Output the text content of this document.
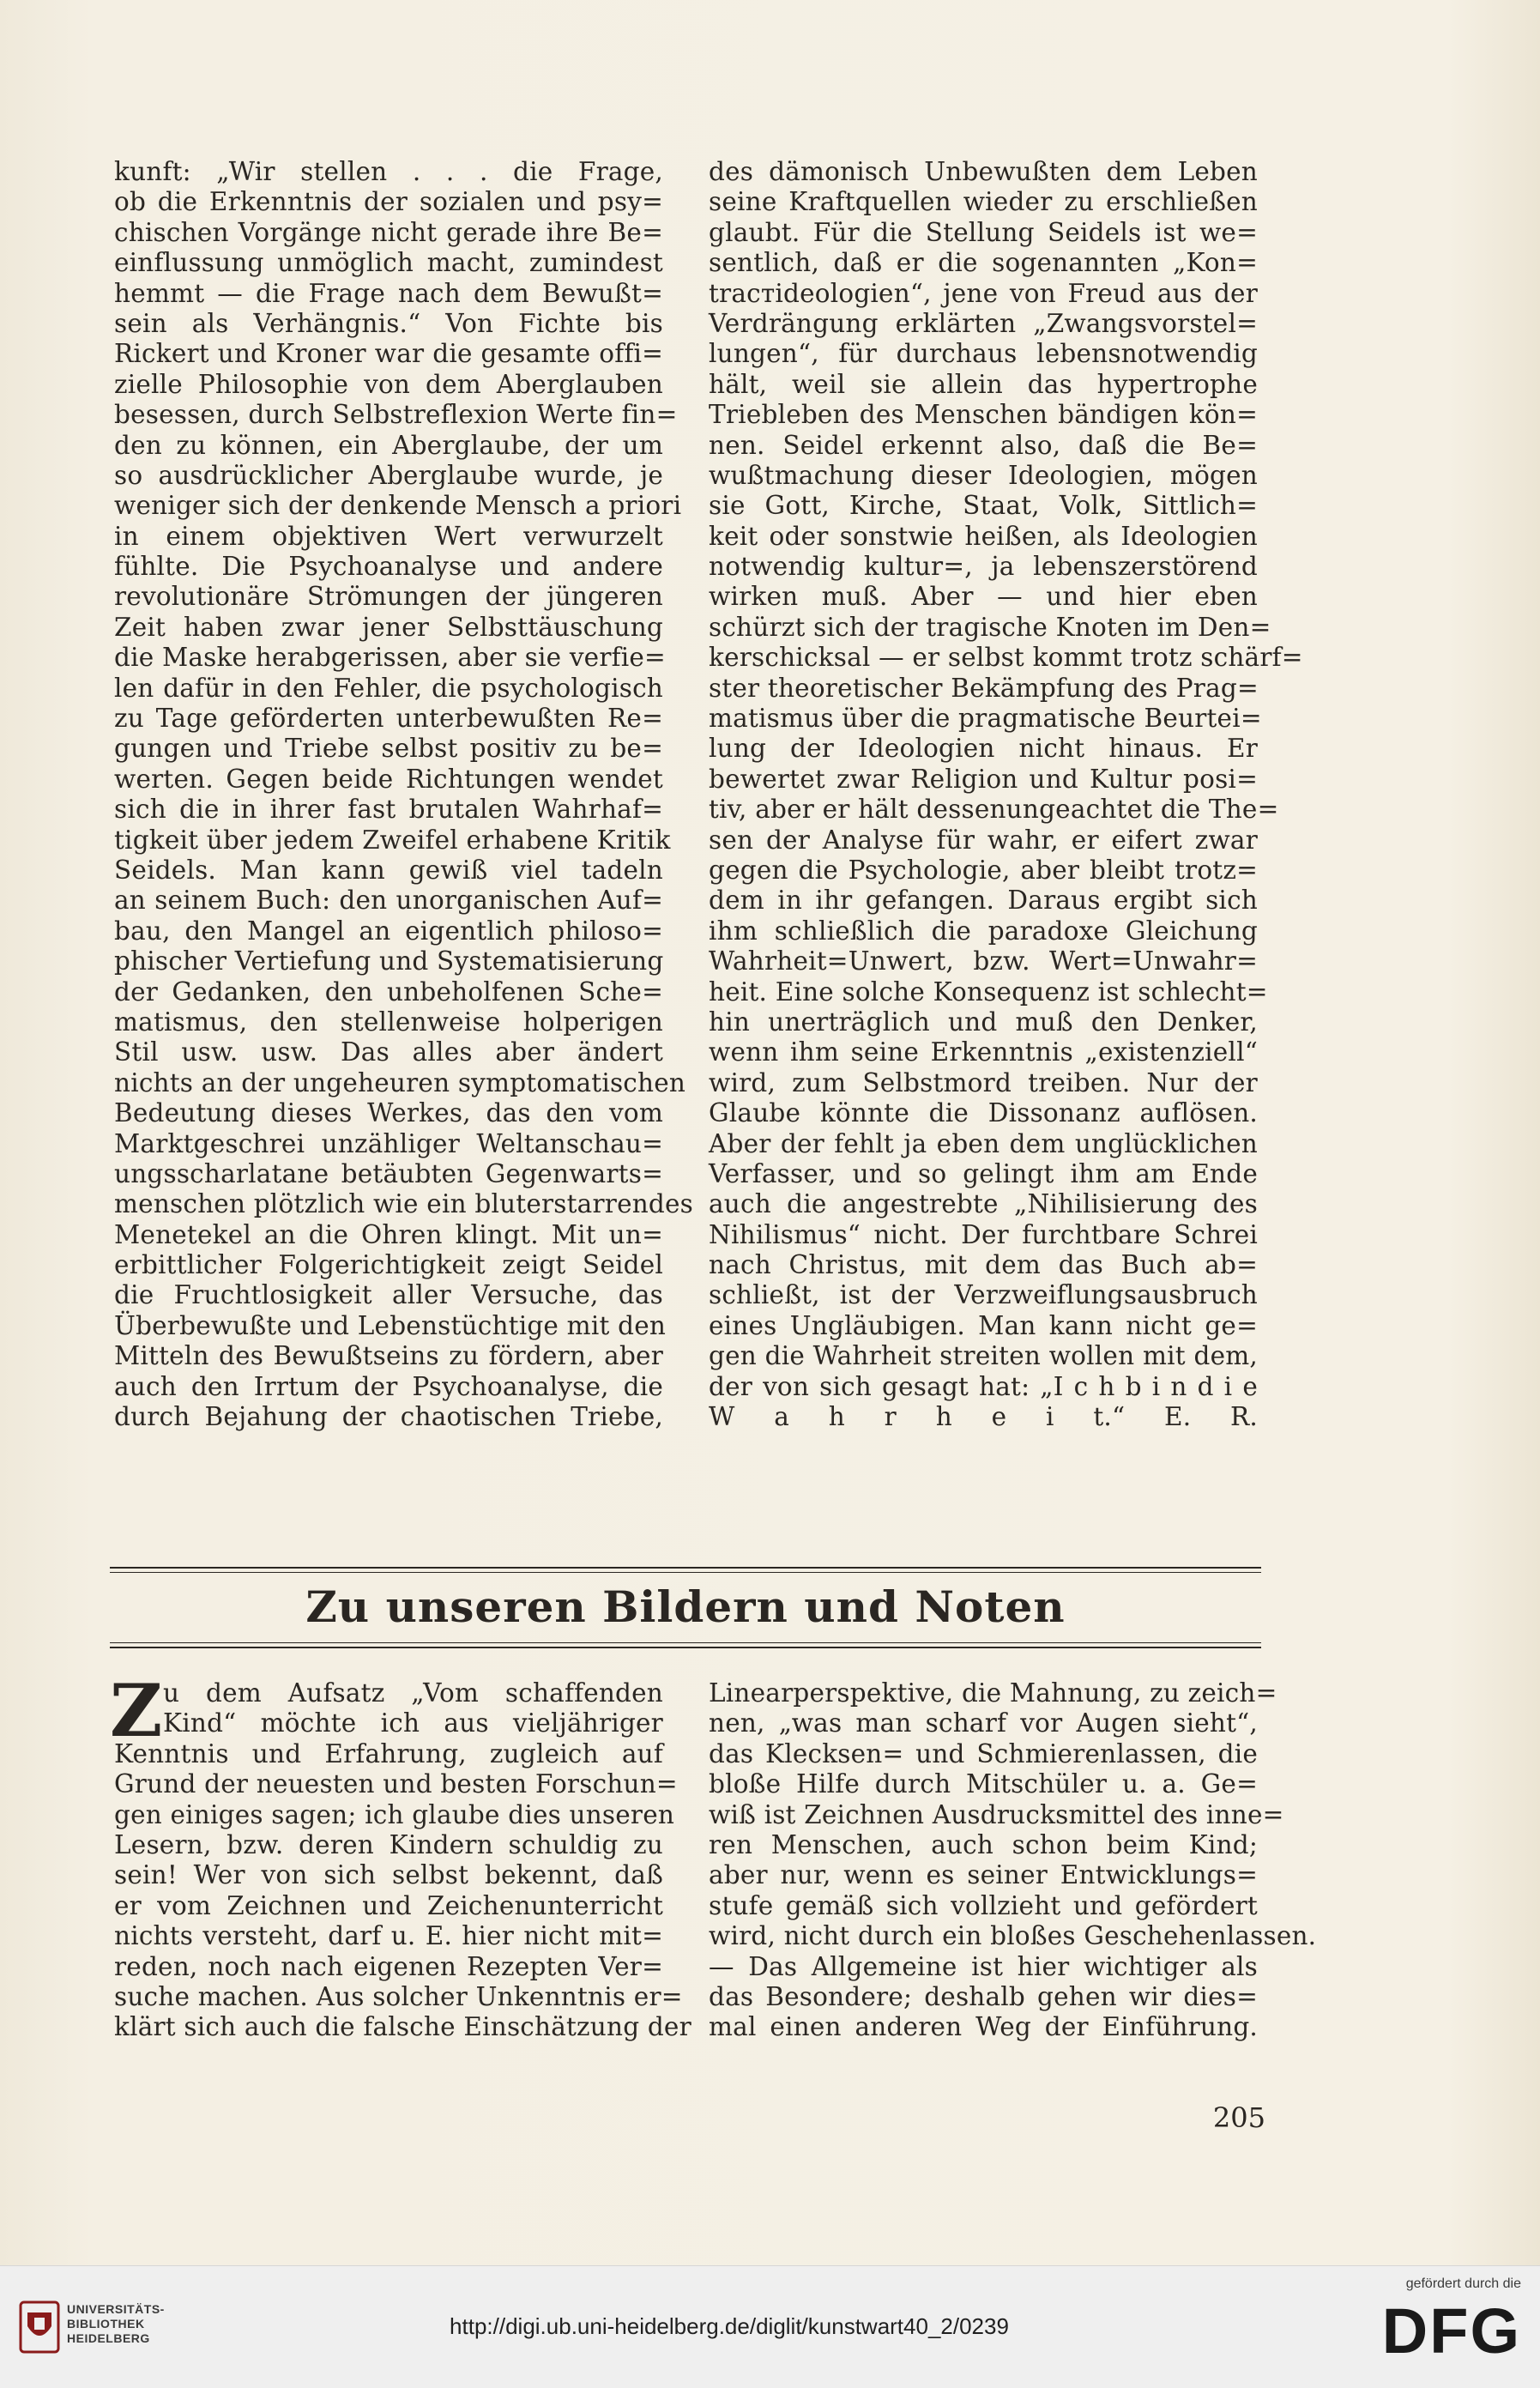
kunft: „Wir stellen . . . die Frage,
ob die Erkenntnis der sozialen und psy=
chischen Vorgänge nicht gerade ihre Be=
einflussung unmöglich macht, zumindest
hemmt — die Frage nach dem Bewußt=
sein als Verhängnis.“ Von Fichte bis
Rickert und Kroner war die gesamte offi=
zielle Philosophie von dem Aberglauben
besessen, durch Selbstreflexion Werte fin=
den zu können, ein Aberglaube, der um
so ausdrücklicher Aberglaube wurde, je
weniger sich der denkende Mensch a priori
in einem objektiven Wert verwurzelt
fühlte. Die Psychoanalyse und andere
revolutionäre Strömungen der jüngeren
Zeit haben zwar jener Selbsttäuschung
die Maske herabgerissen, aber sie verfie=
len dafür in den Fehler, die psychologisch
zu Tage geförderten unterbewußten Re=
gungen und Triebe selbst positiv zu be=
werten. Gegen beide Richtungen wendet
sich die in ihrer fast brutalen Wahrhaf=
tigkeit über jedem Zweifel erhabene Kritik
Seidels. Man kann gewiß viel tadeln
an seinem Buch: den unorganischen Auf=
bau, den Mangel an eigentlich philoso=
phischer Vertiefung und Systematisierung
der Gedanken, den unbeholfenen Sche=
matismus, den stellenweise holperigen
Stil usw. usw. Das alles aber ändert
nichts an der ungeheuren symptomatischen
Bedeutung dieses Werkes, das den vom
Marktgeschrei unzähliger Weltanschau=
ungsscharlatane betäubten Gegenwarts=
menschen plötzlich wie ein bluterstarrendes
Menetekel an die Ohren klingt. Mit un=
erbittlicher Folgerichtigkeit zeigt Seidel
die Fruchtlosigkeit aller Versuche, das
Überbewußte und Lebenstüchtige mit den
Mitteln des Bewußtseins zu fördern, aber
auch den Irrtum der Psychoanalyse, die
durch Bejahung der chaotischen Triebe,
des dämonisch Unbewußten dem Leben
seine Kraftquellen wieder zu erschließen
glaubt. Für die Stellung Seidels ist we=
sentlich, daß er die sogenannten „Kon=
traстideologien“, jene von Freud aus der
Verdrängung erklärten „Zwangsvorstel=
lungen“, für durchaus lebensnotwendig
hält, weil sie allein das hypertrophe
Triebleben des Menschen bändigen kön=
nen. Seidel erkennt also, daß die Be=
wußtmachung dieser Ideologien, mögen
sie Gott, Kirche, Staat, Volk, Sittlich=
keit oder sonstwie heißen, als Ideologien
notwendig kultur=, ja lebenszerstörend
wirken muß. Aber — und hier eben
schürzt sich der tragische Knoten im Den=
kerschicksal — er selbst kommt trotz schärf=
ster theoretischer Bekämpfung des Prag=
matismus über die pragmatische Beurtei=
lung der Ideologien nicht hinaus. Er
bewertet zwar Religion und Kultur posi=
tiv, aber er hält dessenungeachtet die The=
sen der Analyse für wahr, er eifert zwar
gegen die Psychologie, aber bleibt trotz=
dem in ihr gefangen. Daraus ergibt sich
ihm schließlich die paradoxe Gleichung
Wahrheit=Unwert, bzw. Wert=Unwahr=
heit. Eine solche Konsequenz ist schlecht=
hin unerträglich und muß den Denker,
wenn ihm seine Erkenntnis „existenziell“
wird, zum Selbstmord treiben. Nur der
Glaube könnte die Dissonanz auflösen.
Aber der fehlt ja eben dem unglücklichen
Verfasser, und so gelingt ihm am Ende
auch die angestrebte „Nihilisierung des
Nihilismus“ nicht. Der furchtbare Schrei
nach Christus, mit dem das Buch ab=
schließt, ist der Verzweiflungsausbruch
eines Ungläubigen. Man kann nicht ge=
gen die Wahrheit streiten wollen mit dem,
der von sich gesagt hat: „I c h b i n d i e
W a h r h e i t.“ E. R.
Zu unseren Bildern und Noten
Z u dem Aufsatz „Vom schaffenden
Kind“ möchte ich aus vieljähriger
Kenntnis und Erfahrung, zugleich auf
Grund der neuesten und besten Forschun=
gen einiges sagen; ich glaube dies unseren
Lesern, bzw. deren Kindern schuldig zu
sein! Wer von sich selbst bekennt, daß
er vom Zeichnen und Zeichenunterricht
nichts versteht, darf u. E. hier nicht mit=
reden, noch nach eigenen Rezepten Ver=
suche machen. Aus solcher Unkenntnis er=
klärt sich auch die falsche Einschätzung der
Linearperspektive, die Mahnung, zu zeich=
nen, „was man scharf vor Augen sieht“,
das Klecksen= und Schmierenlassen, die
bloße Hilfe durch Mitschüler u. a. Ge=
wiß ist Zeichnen Ausdrucksmittel des inne=
ren Menschen, auch schon beim Kind;
aber nur, wenn es seiner Entwicklungs=
stufe gemäß sich vollzieht und gefördert
wird, nicht durch ein bloßes Geschehenlassen.
— Das Allgemeine ist hier wichtiger als
das Besondere; deshalb gehen wir dies=
mal einen anderen Weg der Einführung.
205
UNIVERSITÄTS-
BIBLIOTHEK
HEIDELBERG	http://digi.ub.uni-heidelberg.de/diglit/kunstwart40_2/0239
gefördert durch die
DFG
